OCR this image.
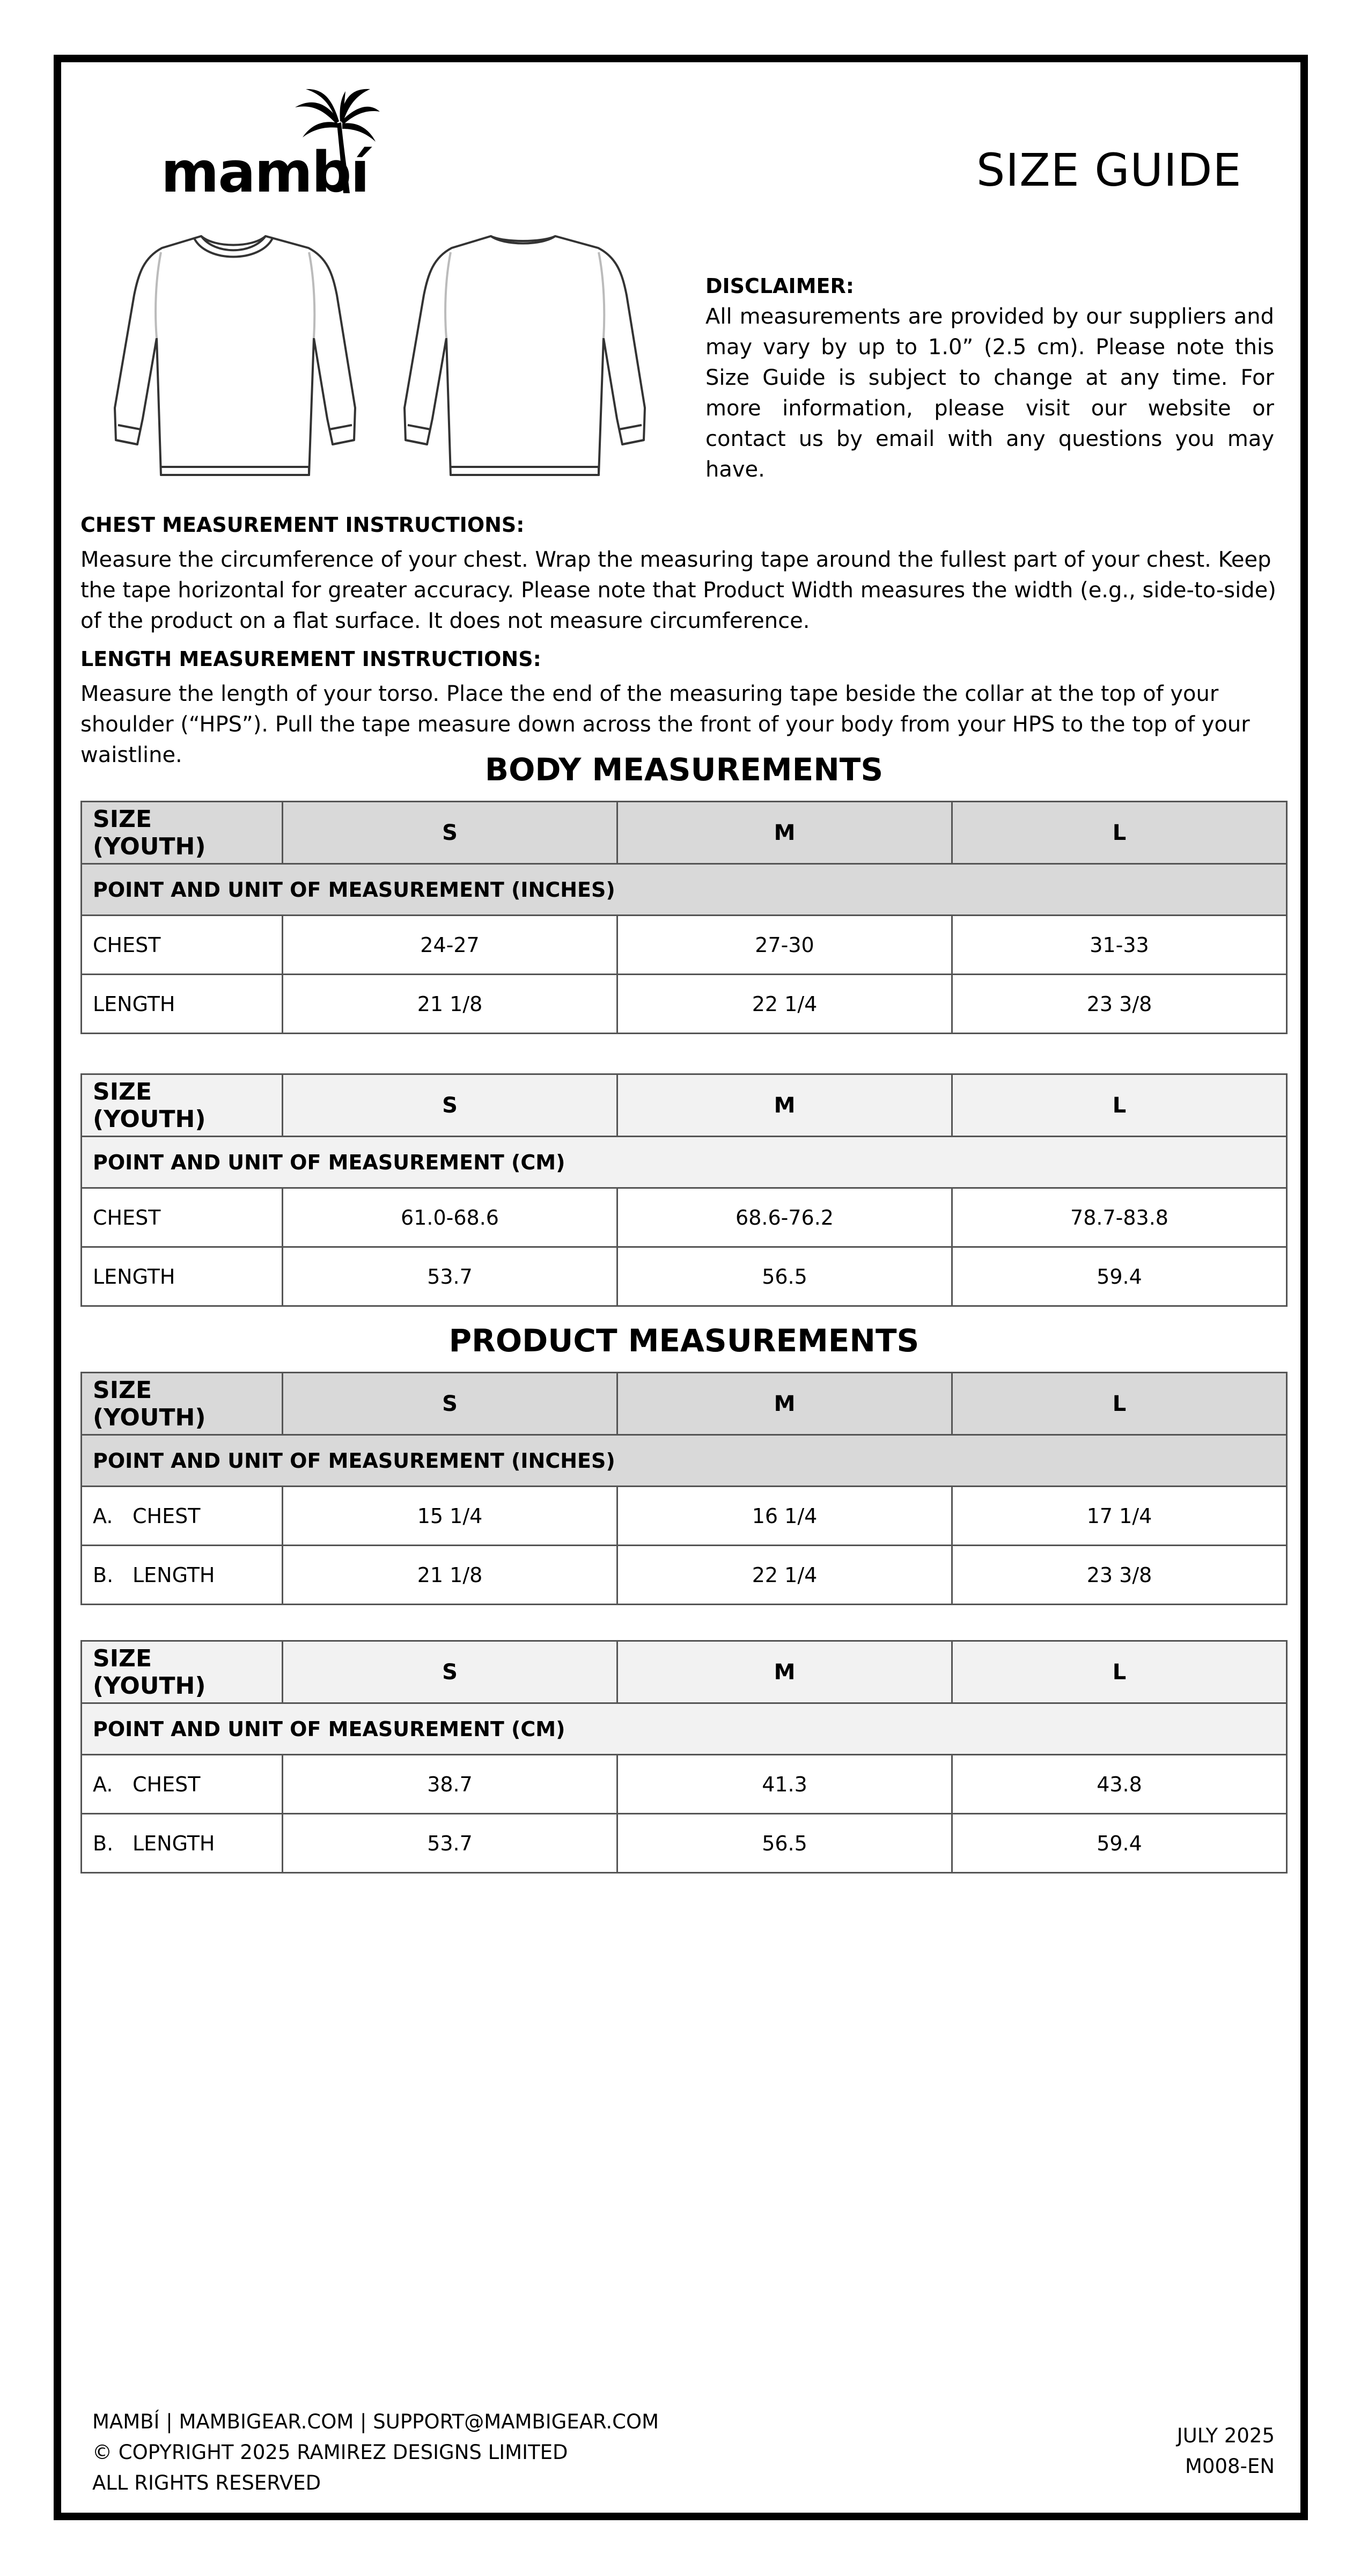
mambí	SIZE GUIDE
DISCLAIMER:

All measurements are provided by our suppliers and may vary by up to 1.0” (2.5 cm). Please note this Size Guide is subject to change at any time. For more information, please visit our website or contact us by email with any questions you may have.

CHEST MEASUREMENT INSTRUCTIONS:

Measure the circumference of your chest. Wrap the measuring tape around the fullest part of your chest. Keep the tape horizontal for greater accuracy. Please note that Product Width measures the width (e.g., side-to-side) of the product on a flat surface. It does not measure circumference.

LENGTH MEASUREMENT INSTRUCTIONS:

Measure the length of your torso. Place the end of the measuring tape beside the collar at the top of your shoulder (“HPS”). Pull the tape measure down across the front of your body from your HPS to the top of your waistline.	BODY MEASUREMENTS
SIZE (YOUTH)	S	M	L
POINT AND UNIT OF MEASUREMENT (INCHES)			
CHEST	24-27	27-30	31-33
LENGTH	21 1/8	22 1/4	23 3/8
SIZE (YOUTH)	S	M	L
POINT AND UNIT OF MEASUREMENT (CM)			
CHEST	61.0-68.6	68.6-76.2	78.7-83.8
LENGTH	53.7	56.5	59.4
PRODUCT MEASUREMENTS
SIZE (YOUTH)	S	M	L
POINT AND UNIT OF MEASUREMENT (INCHES)			
A. CHEST	15 1/4	16 1/4	17 1/4
B. LENGTH	21 1/8	22 1/4	23 3/8
SIZE (YOUTH)	S	M	L
POINT AND UNIT OF MEASUREMENT (CM)			
A. CHEST	38.7	41.3	43.8
B. LENGTH	53.7	56.5	59.4
MAMBÍ | MAMBIGEAR.COM | SUPPORT@MAMBIGEAR.COM
© COPYRIGHT 2025 RAMIREZ DESIGNS LIMITED
ALL RIGHTS RESERVED
JULY 2025
M008-EN
